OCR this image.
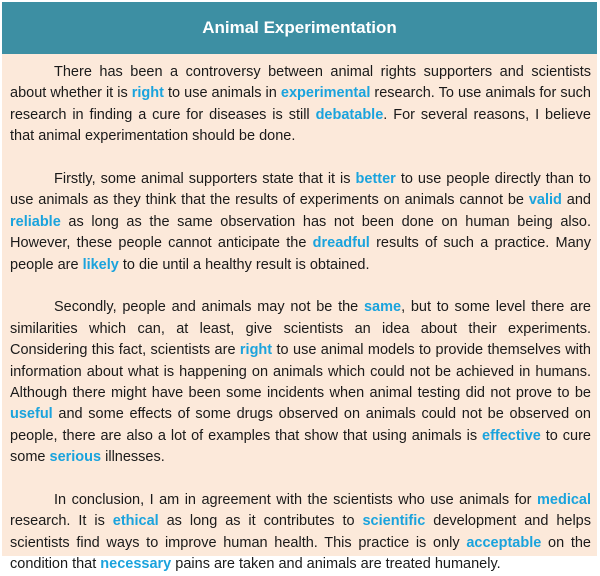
Animal Experimentation

There has been a controversy between animal rights supporters and scientists about whether it is right to use animals in experimental research. To use animals for such research in finding a cure for diseases is still debatable. For several reasons, I believe that animal experimentation should be done.

Firstly, some animal supporters state that it is better to use people directly than to use animals as they think that the results of experiments on animals cannot be valid and reliable as long as the same observation has not been done on human being also. However, these people cannot anticipate the dreadful results of such a practice. Many people are likely to die until a healthy result is obtained.

Secondly, people and animals may not be the same, but to some level there are similarities which can, at least, give scientists an idea about their experiments. Considering this fact, scientists are right to use animal models to provide themselves with information about what is happening on animals which could not be achieved in humans. Although there might have been some incidents when animal testing did not prove to be useful and some effects of some drugs observed on animals could not be observed on people, there are also a lot of examples that show that using animals is effective to cure some serious illnesses.

In conclusion, I am in agreement with the scientists who use animals for medical research. It is ethical as long as it contributes to scientific development and helps scientists find ways to improve human health. This practice is only acceptable on the condition that necessary pains are taken and animals are treated humanely.
